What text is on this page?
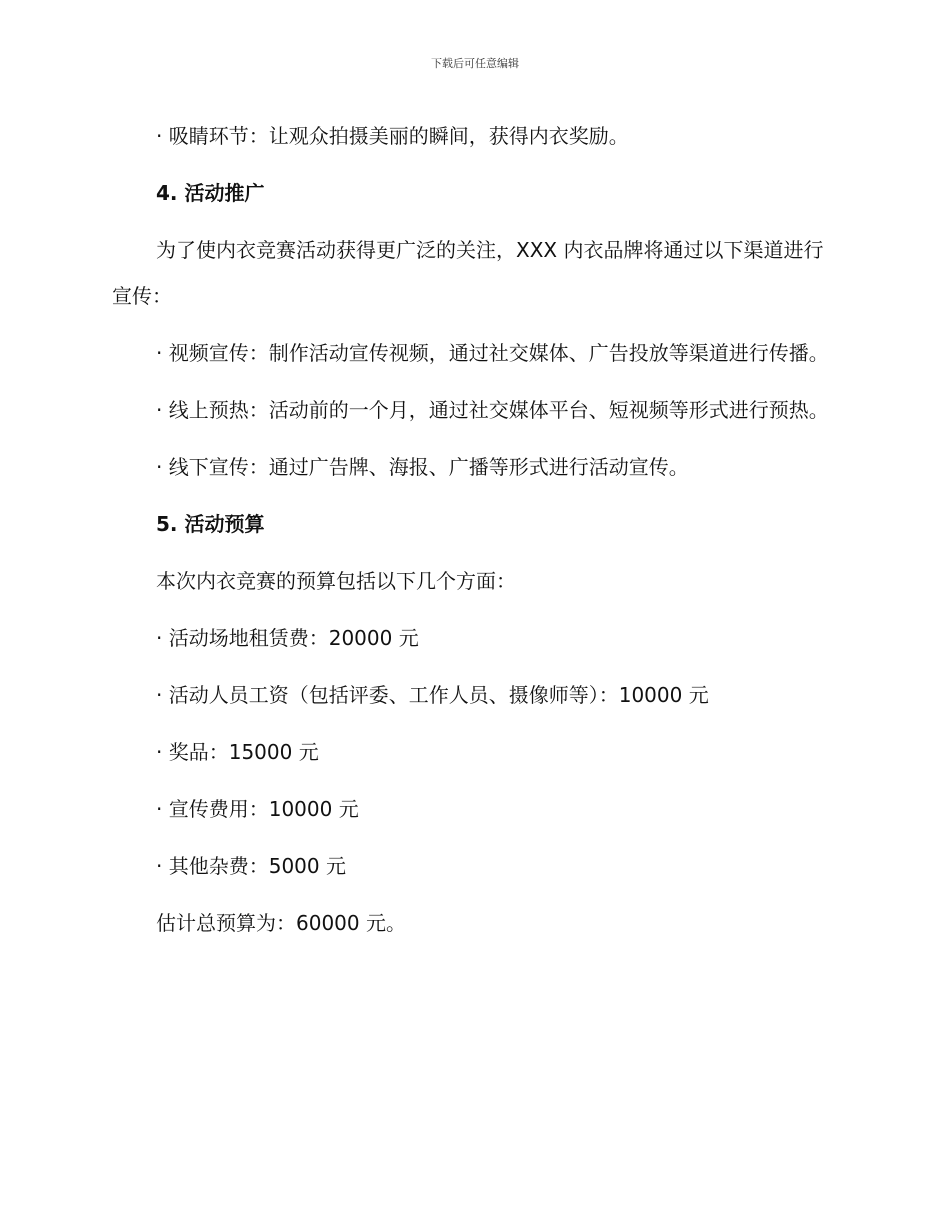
下载后可任意编辑
· 吸睛环节：让观众拍摄美丽的瞬间，获得内衣奖励。
4. 活动推广
为了使内衣竞赛活动获得更广泛的关注，XXX 内衣品牌将通过以下渠道进行宣传：
· 视频宣传：制作活动宣传视频，通过社交媒体、广告投放等渠道进行传播。
· 线上预热：活动前的一个月，通过社交媒体平台、短视频等形式进行预热。
· 线下宣传：通过广告牌、海报、广播等形式进行活动宣传。
5. 活动预算
本次内衣竞赛的预算包括以下几个方面：
· 活动场地租赁费：20000 元
· 活动人员工资（包括评委、工作人员、摄像师等）：10000 元
· 奖品：15000 元
· 宣传费用：10000 元
· 其他杂费：5000 元
估计总预算为：60000 元。
